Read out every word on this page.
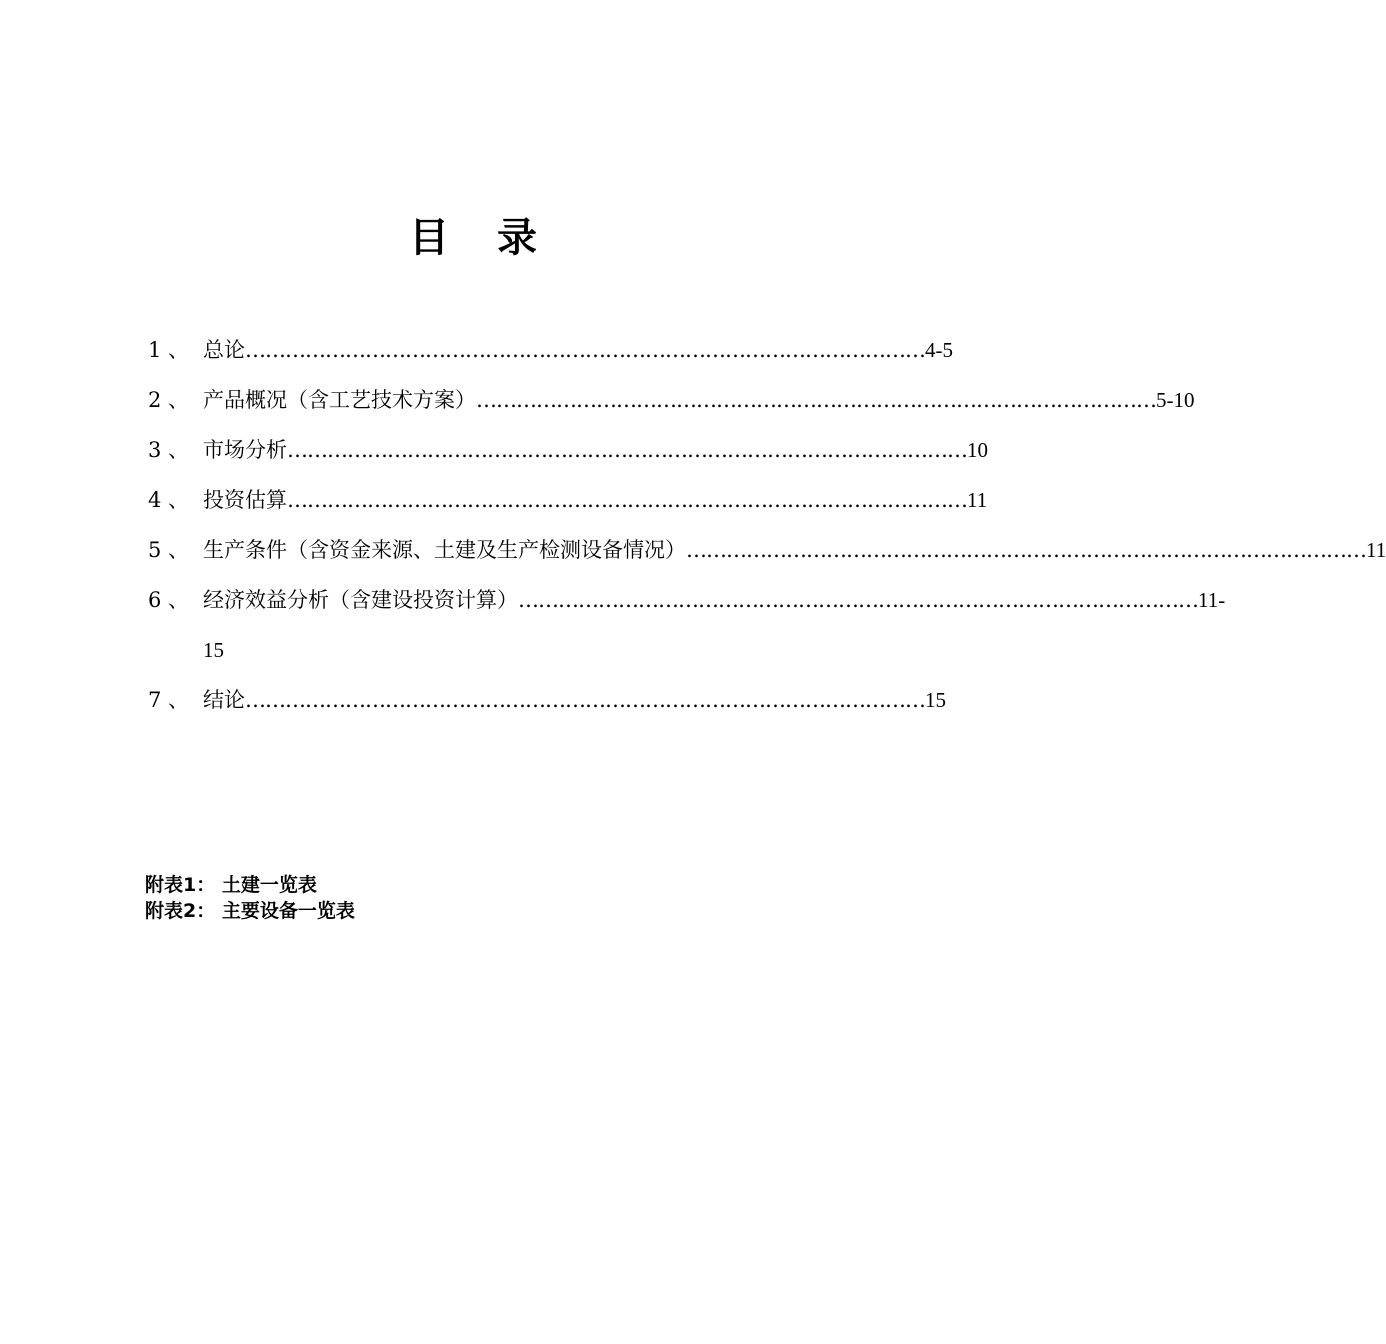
目　录
1 、 总论 ………………………………………………………………………………………… 4-5
2 、 产品概况（含工艺技术方案） ………………………………………………………………………………………… 5-10
3 、 市场分析 ………………………………………………………………………………………… 10
4 、 投资估算 ………………………………………………………………………………………… 11
5 、 生产条件（含资金来源、土建及生产检测设备情况） ………………………………………………………………………………………… 11
6 、 经济效益分析（含建设投资计算） ………………………………………………………………………………………… 11-
15
7 、 结论 ………………………………………………………………………………………… 15
附表1： 土建一览表
附表2： 主要设备一览表
